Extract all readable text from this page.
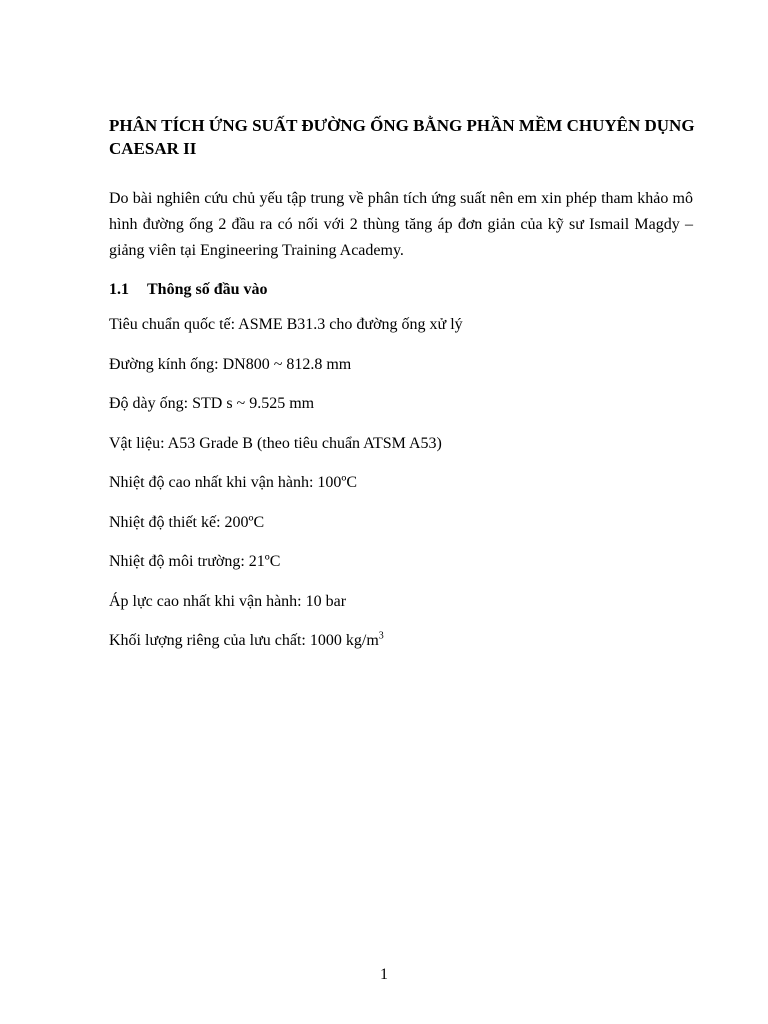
PHÂN TÍCH ỨNG SUẤT ĐƯỜNG ỐNG BẰNG PHẦN MỀM CHUYÊN DỤNG CAESAR II

Do bài nghiên cứu chủ yếu tập trung về phân tích ứng suất nên em xin phép tham khảo mô hình đường ống 2 đầu ra có nối với 2 thùng tăng áp đơn giản của kỹ sư Ismail Magdy – giảng viên tại Engineering Training Academy.

1.1 Thông số đầu vào
Tiêu chuẩn quốc tế: ASME B31.3 cho đường ống xử lý
Đường kính ống: DN800 ~ 812.8 mm
Độ dày ống: STD s ~ 9.525 mm
Vật liệu: A53 Grade B (theo tiêu chuẩn ATSM A53)
Nhiệt độ cao nhất khi vận hành: 100ºC
Nhiệt độ thiết kế: 200ºC
Nhiệt độ môi trường: 21ºC
Áp lực cao nhất khi vận hành: 10 bar
Khối lượng riêng của lưu chất: 1000 $kg/m^3$

1
